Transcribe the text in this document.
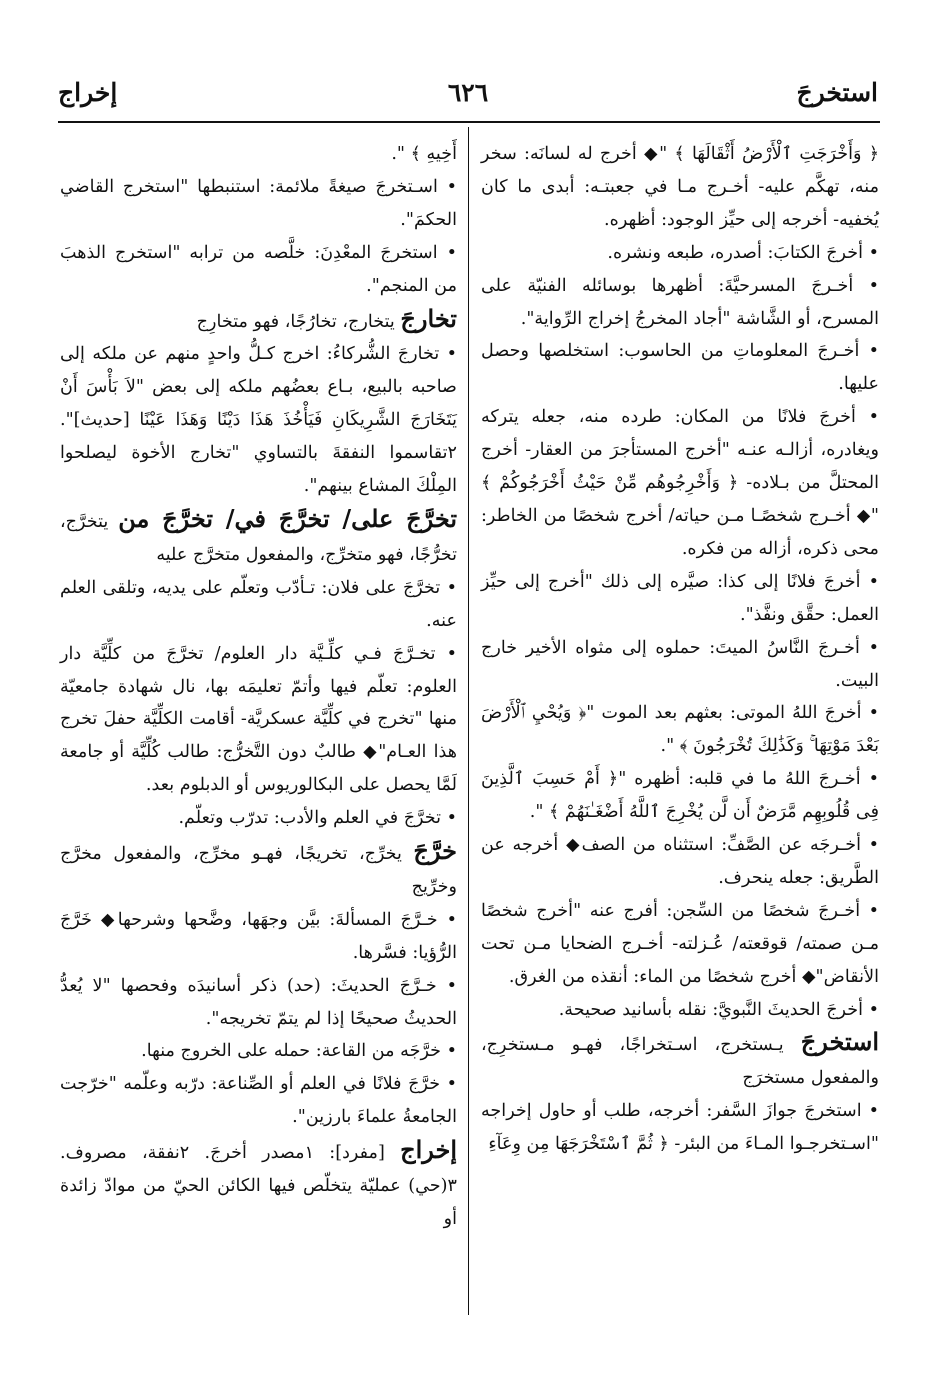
استخرجَ
٦٢٦
إخراج

﴿ وَأَخْرَجَتِ ٱلْأَرْضُ أَثْقَالَهَا ﴾ "◆ أخرج له لسانَه: سخر منه، تهكَّم عليه- أخـرج مـا في جعبتـه: أبدى ما كان يُخفيه- أخرجه إلى حيِّز الوجود: أظهره.

• أخرجَ الكتابَ: أصدره، طبعه ونشره.

• أخـرجَ المسرحيَّةَ: أظهرها بوسائله الفنيّة على المسرح، أو الشَّاشة "أجاد المخرجُ إخراج الرِّواية".

• أخـرجَ المعلوماتِ من الحاسوب: استخلصها وحصل عليها.

• أخرجَ فلانًا من المكان: طرده منه، جعله يتركه ويغادره، أزالـه عنـه "أخرج المستأجرَ من العقار- أخرج المحتلَّ من بـلاده- ﴿ وَأَخْرِجُوهُم مِّنْ حَيْثُ أَخْرَجُوكُمْ ﴾ "◆ أخـرج شخصًـا مـن حياته/ أخرج شخصًا من الخاطر: محى ذكره، أزاله من فكره.

• أخرجَ فلانًا إلى كذا: صيَّره إلى ذلك "أخرج إلى حيِّز العمل: حقَّق ونفَّذ".

• أخـرجَ النَّاسُ الميتَ: حملوه إلى مثواه الأخير خارج البيت.

• أخرجَ اللهُ الموتى: بعثهم بعد الموت "﴿ وَيُحْيِ ٱلْأَرْضَ بَعْدَ مَوْتِهَا ۚ وَكَذَٰلِكَ تُخْرَجُونَ ﴾ ".

• أخـرجَ اللهُ ما في قلبه: أظهره "﴿ أَمْ حَسِبَ ٱلَّذِينَ فِى قُلُوبِهِم مَّرَضٌ أَن لَّن يُخْرِجَ ٱللَّهُ أَضْغَـٰنَهُمْ ﴾ ".

• أخـرجَه عن الصَّفِّ: استثناه من الصف◆ أخرجه عن الطَّريق: جعله ينحرف.

• أخـرجَ شخصًا من السِّجن: أفرج عنه "أخرج شخصًا مـن صمته/ قوقعته/ عُـزلته- أخـرج الضحايا مـن تحت الأنقاض"◆ أخرج شخصًا من الماء: أنقذه من الغرق.

• أخرجَ الحديثَ النَّبويَّ: نقله بأسانيد صحيحة.

استخرجَ يـستخرج، اسـتخراجًا، فهـو مـستخرِج، والمفعول مستخرَج

• استخرجَ جوازَ السَّفر: أخرجه، طلب أو حاول إخراجه "اسـتخرجـوا المـاءَ من البئر- ﴿ ثُمَّ ٱسْتَخْرَجَهَا مِن وِعَآءِ

أَخِيهِ ﴾ ".

• اسـتخرجَ صيغةً ملائمة: استنبطها "استخرج القاضي الحكمَ".

• استخرجَ المعْدِنَ: خلَّصه من ترابه "استخرج الذهبَ من المنجم".

تخارجَ يتخارج، تخارُجًا، فهو متخارِج

• تخارجَ الشُّركاءُ: اخرج كـلُّ واحدٍ منهم عن ملكه إلى صاحبه بالبيع، بـاع بعضُهم ملكه إلى بعض "لاَ بَأْسَ أَنْ يَتَخَارَجَ الشَّرِيكَانِ فَيَأْخُذَ هَذَا دَيْنًا وَهَذَا عَيْنًا [حديث]". ٢تقاسموا النفقةَ بالتساوي "تخارج الأخوة ليصلحوا المِلْكَ المشاع بينهم".

تخرَّجَ على/ تخرَّجَ في/ تخرَّجَ من يتخرَّج، تخرُّجًا، فهو متخرِّج، والمفعول متخرَّج عليه

• تخرَّجَ على فلان: تـأدّب وتعلّم على يديه، وتلقى العلم عنه.

• تخـرَّجَ فـي كلِّـيَّة دار العلوم/ تخرَّجَ من كلِّيَّة دار العلوم: تعلّم فيها وأتمّ تعليمَه بها، نال شهادة جامعيّة منها "تخرج في كلِّيَّة عسكريَّة- أقامت الكلِّيَّة حفلَ تخرج هذا العـام"◆ طالبٌ دون التَّخرُّج: طالب كُلِّيَّة أو جامعة لَمَّا يحصل على البكالوريوس أو الدبلوم بعد.

• تخرَّجَ في العلم والأدب: تدرّب وتعلّم.

خرَّجَ يخرِّج، تخريجًا، فهـو مخرِّج، والمفعول مخرَّج وخرِّيج

• خـرَّجَ المسألةَ: بيَّن وجهَها، وضَّحها وشرحها◆ خَرَّجَ الرُّؤيا: فسَّرها.

• خـرَّجَ الحديثَ: (حد) ذكر أسانيدَه وفحصها "لا يُعدُّ الحديثُ صحيحًا إذا لم يتمّ تخريجه".

• خرَّجَه من القاعة: حمله على الخروج منها.

• خرَّجَ فلانًا في العلم أو الصِّناعة: درّبه وعلّمه "خرّجت الجامعةُ علماءَ بارزين".

إخراج [مفرد]: ١مصدر أخرجَ. ٢نفقة، مصروف. ٣(حي) عمليّة يتخلّص فيها الكائن الحيّ من موادّ زائدة أو
